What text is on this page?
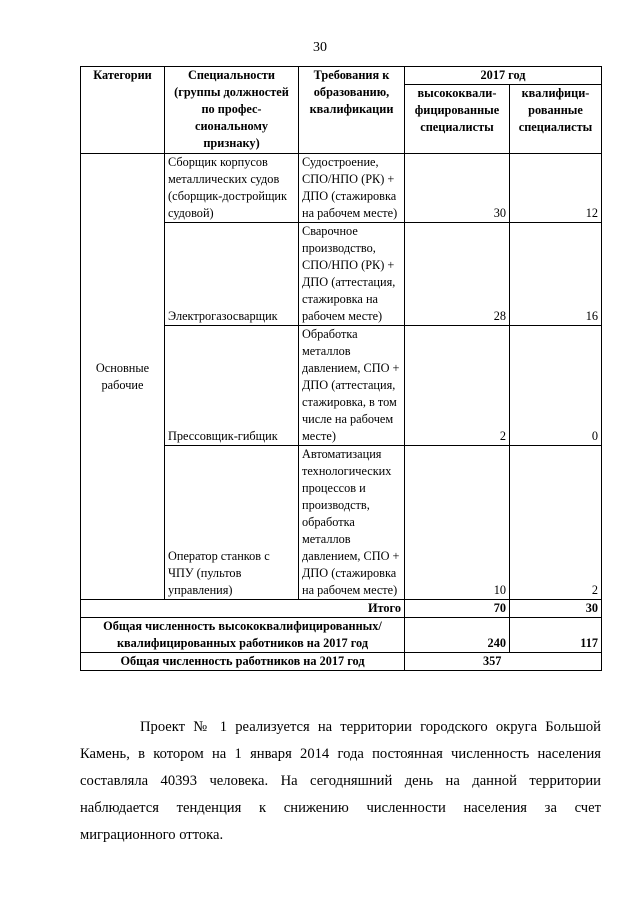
30
Категории	Специальности (группы должностей по профес-сиональному признаку)	Требования к образованию, квалификации	2017 год	
			высококвали-фицированные специалисты	квалифици-рованные специалисты
Основные рабочие	Сборщик корпусов металлических судов (сборщик-достройщик судовой)	Судостроение, СПО/НПО (РК) + ДПО (стажировка на рабочем месте)	30	12
	Электрогазосварщик	Сварочное производство, СПО/НПО (РК) + ДПО (аттестация, стажировка на рабочем месте)	28	16
	Прессовщик-гибщик	Обработка металлов давлением, СПО + ДПО (аттестация, стажировка, в том числе на рабочем месте)	2	0
	Оператор станков с ЧПУ (пультов управления)	Автоматизация технологических процессов и производств, обработка металлов давлением, СПО + ДПО (стажировка на рабочем месте)	10	2
Итого			70	30
Общая численность высококвалифицированных/ квалифицированных работников на 2017 год			240	117
Общая численность работников на 2017 год			357	

Проект № 1 реализуется на территории городского округа Большой Камень, в котором на 1 января 2014 года постоянная численность населения составляла 40393 человека. На сегодняшний день на данной территории наблюдается тенденция к снижению численности населения за счет миграционного оттока.
